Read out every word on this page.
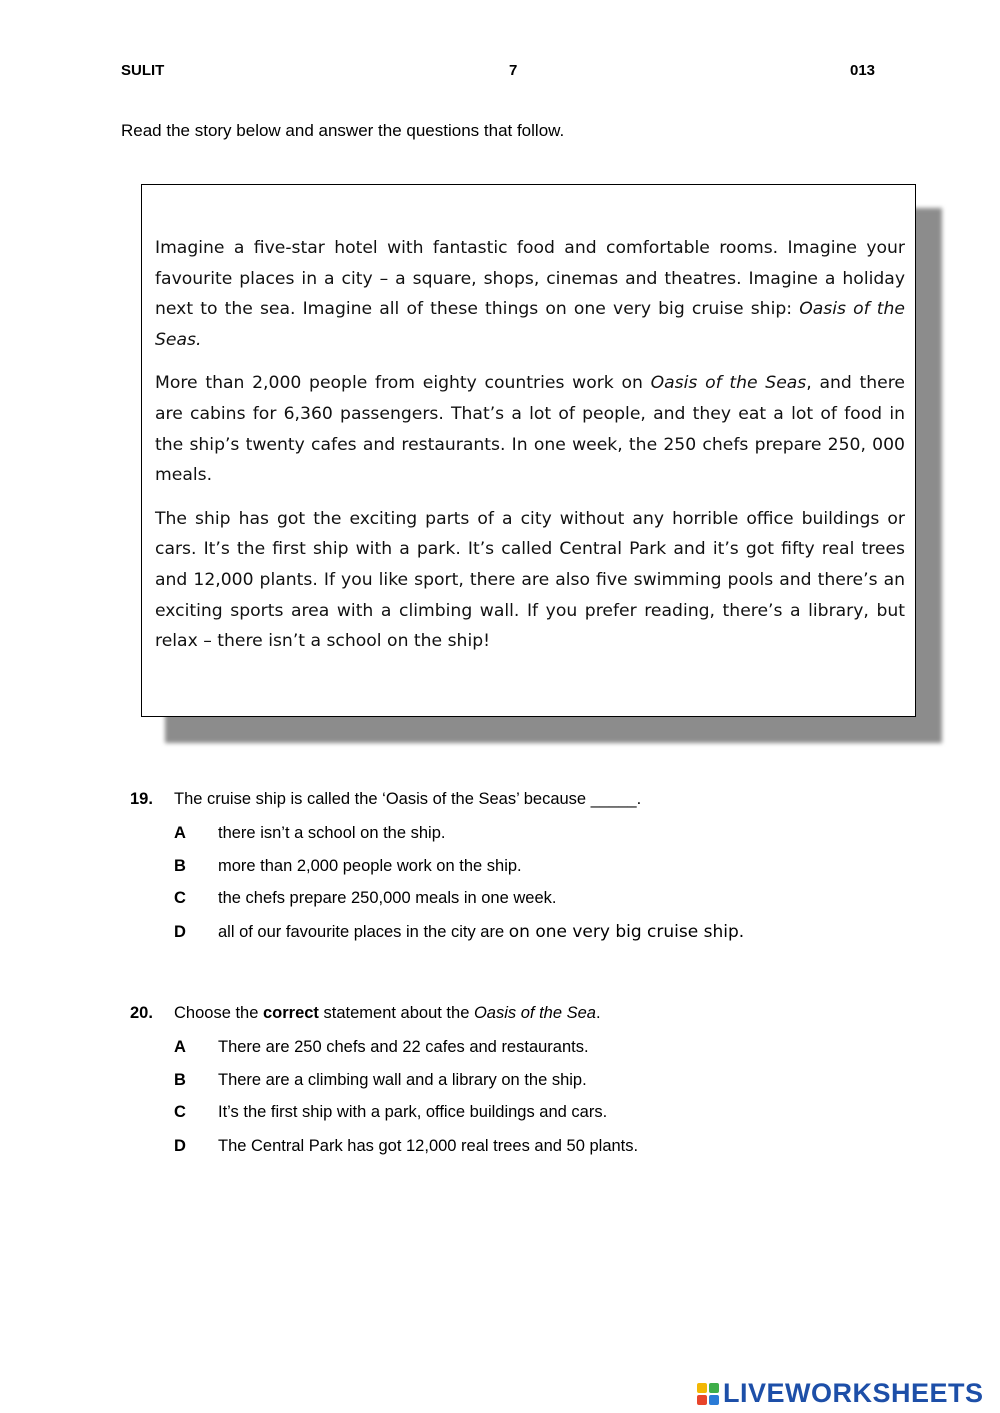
SULIT	7	013
Read the story below and answer the questions that follow.

Imagine a five-star hotel with fantastic food and comfortable rooms. Imagine your favourite places in a city – a square, shops, cinemas and theatres. Imagine a holiday next to the sea. Imagine all of these things on one very big cruise ship: Oasis of the Seas.

More than 2,000 people from eighty countries work on Oasis of the Seas, and there are cabins for 6,360 passengers. That’s a lot of people, and they eat a lot of food in the ship’s twenty cafes and restaurants. In one week, the 250 chefs prepare 250, 000 meals.

The ship has got the exciting parts of a city without any horrible office buildings or cars. It’s the first ship with a park. It’s called Central Park and it’s got fifty real trees and 12,000 plants. If you like sport, there are also five swimming pools and there’s an exciting sports area with a climbing wall. If you prefer reading, there’s a library, but relax – there isn’t a school on the ship!

19. The cruise ship is called the ‘Oasis of the Seas’ because _____.
A there isn’t a school on the ship.
B more than 2,000 people work on the ship.
C the chefs prepare 250,000 meals in one week.
D all of our favourite places in the city are on one very big cruise ship.
20. Choose the correct statement about the Oasis of the Sea.
A There are 250 chefs and 22 cafes and restaurants.
B There are a climbing wall and a library on the ship.
C It’s the first ship with a park, office buildings and cars.
D The Central Park has got 12,000 real trees and 50 plants.
LIVEWORKSHEETS
